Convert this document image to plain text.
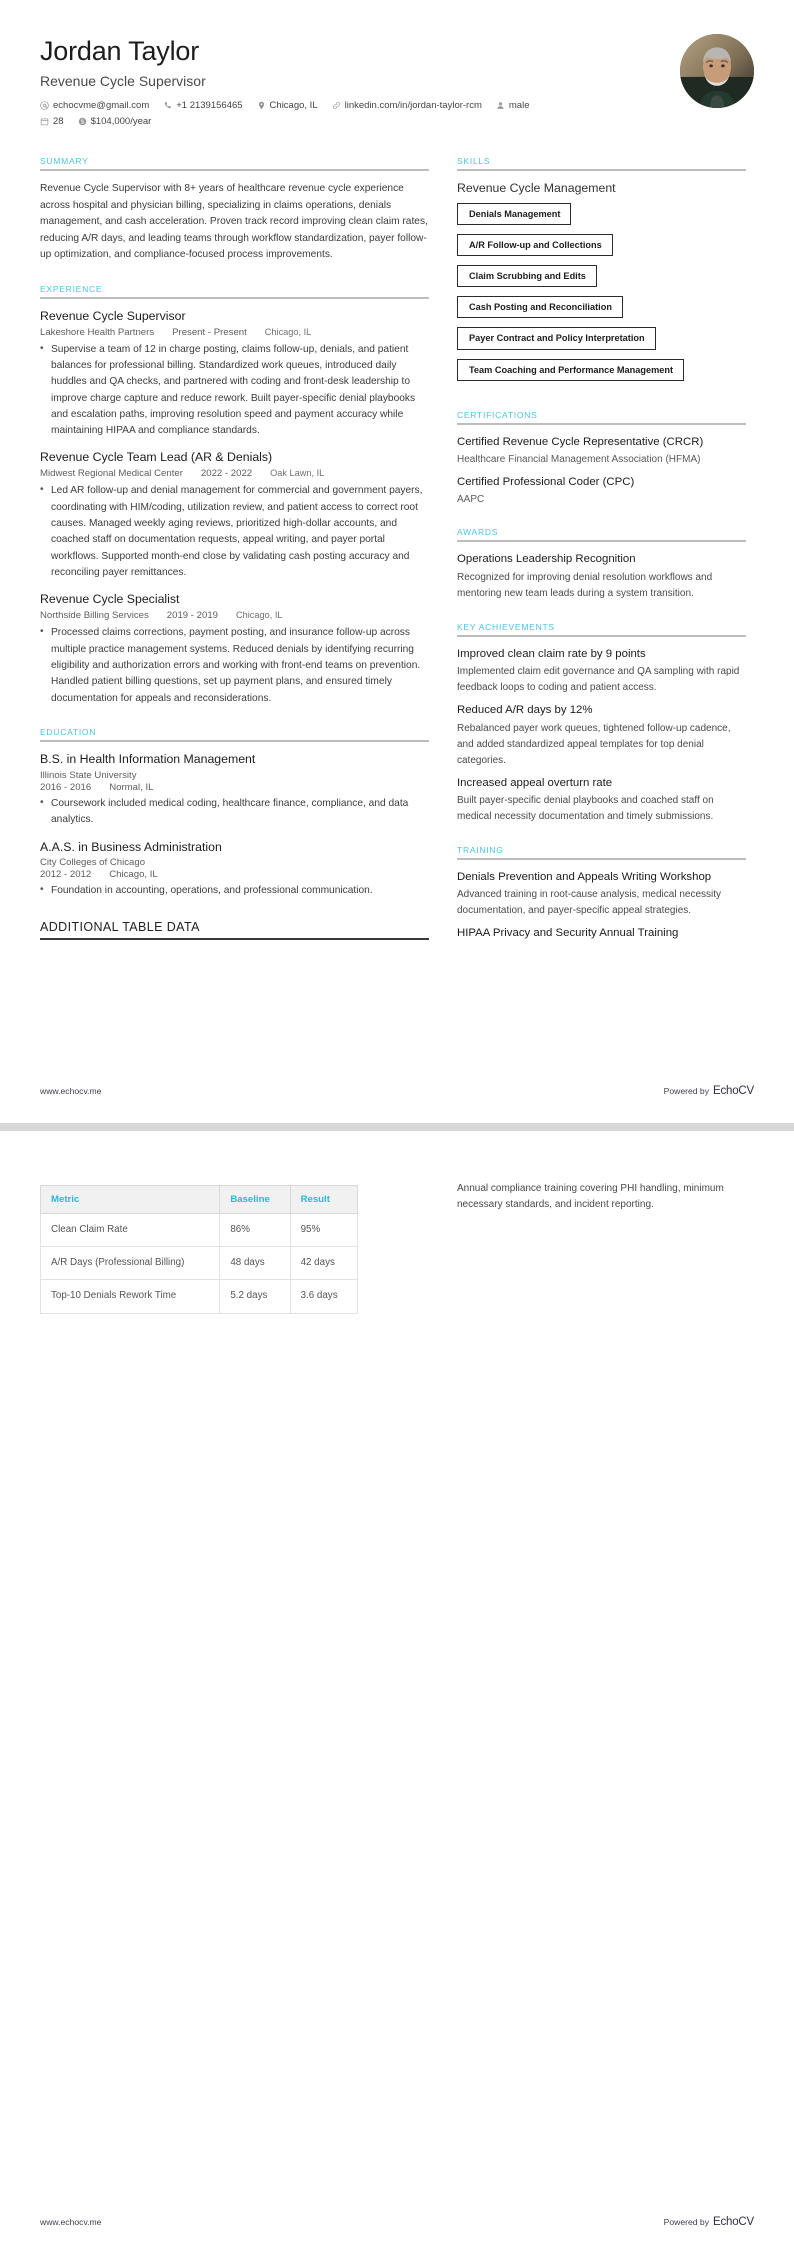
Jordan Taylor
Revenue Cycle Supervisor
echocvme@gmail.com	+1 2139156465	Chicago, IL	linkedin.com/in/jordan-taylor-rcm	male
28 $ $104,000/year
SUMMARY
Revenue Cycle Supervisor with 8+ years of healthcare revenue cycle experience across hospital and physician billing, specializing in claims operations, denials management, and cash acceleration. Proven track record improving clean claim rates, reducing A/R days, and leading teams through workflow standardization, payer follow-up optimization, and compliance-focused process improvements.
EXPERIENCE
Revenue Cycle Supervisor
Lakeshore Health Partners Present - Present Chicago, IL
• Supervise a team of 12 in charge posting, claims follow-up, denials, and patient balances for professional billing. Standardized work queues, introduced daily huddles and QA checks, and partnered with coding and front-desk leadership to improve charge capture and reduce rework. Built payer-specific denial playbooks and escalation paths, improving resolution speed and payment accuracy while maintaining HIPAA and compliance standards.
Revenue Cycle Team Lead (AR & Denials)
Midwest Regional Medical Center 2022 - 2022 Oak Lawn, IL
• Led AR follow-up and denial management for commercial and government payers, coordinating with HIM/coding, utilization review, and patient access to correct root causes. Managed weekly aging reviews, prioritized high-dollar accounts, and coached staff on documentation requests, appeal writing, and payer portal workflows. Supported month-end close by validating cash posting accuracy and reconciling payer remittances.
Revenue Cycle Specialist
Northside Billing Services 2019 - 2019 Chicago, IL
• Processed claims corrections, payment posting, and insurance follow-up across multiple practice management systems. Reduced denials by identifying recurring eligibility and authorization errors and working with front-end teams on prevention. Handled patient billing questions, set up payment plans, and ensured timely documentation for appeals and reconsiderations.
EDUCATION
B.S. in Health Information Management
Illinois State University
2016 - 2016 Normal, IL
• Coursework included medical coding, healthcare finance, compliance, and data analytics.
A.A.S. in Business Administration
City Colleges of Chicago
2012 - 2012 Chicago, IL
• Foundation in accounting, operations, and professional communication.
ADDITIONAL TABLE DATA
SKILLS
Revenue Cycle Management
Denials Management
A/R Follow-up and Collections
Claim Scrubbing and Edits
Cash Posting and Reconciliation
Payer Contract and Policy Interpretation
Team Coaching and Performance Management
CERTIFICATIONS
Certified Revenue Cycle Representative (CRCR)
Healthcare Financial Management Association (HFMA)
Certified Professional Coder (CPC)
AAPC
AWARDS
Operations Leadership Recognition
Recognized for improving denial resolution workflows and mentoring new team leads during a system transition.
KEY ACHIEVEMENTS
Improved clean claim rate by 9 points
Implemented claim edit governance and QA sampling with rapid feedback loops to coding and patient access.
Reduced A/R days by 12%
Rebalanced payer work queues, tightened follow-up cadence, and added standardized appeal templates for top denial categories.
Increased appeal overturn rate
Built payer-specific denial playbooks and coached staff on medical necessity documentation and timely submissions.
TRAINING
Denials Prevention and Appeals Writing Workshop
Advanced training in root-cause analysis, medical necessity documentation, and payer-specific appeal strategies.
HIPAA Privacy and Security Annual Training
www.echocv.me	Powered by EchoCV
Metric	Baseline	Result
Clean Claim Rate	86%	95%
A/R Days (Professional Billing)	48 days	42 days
Top-10 Denials Rework Time	5.2 days	3.6 days
Annual compliance training covering PHI handling, minimum necessary standards, and incident reporting.
www.echocv.me	Powered by EchoCV
